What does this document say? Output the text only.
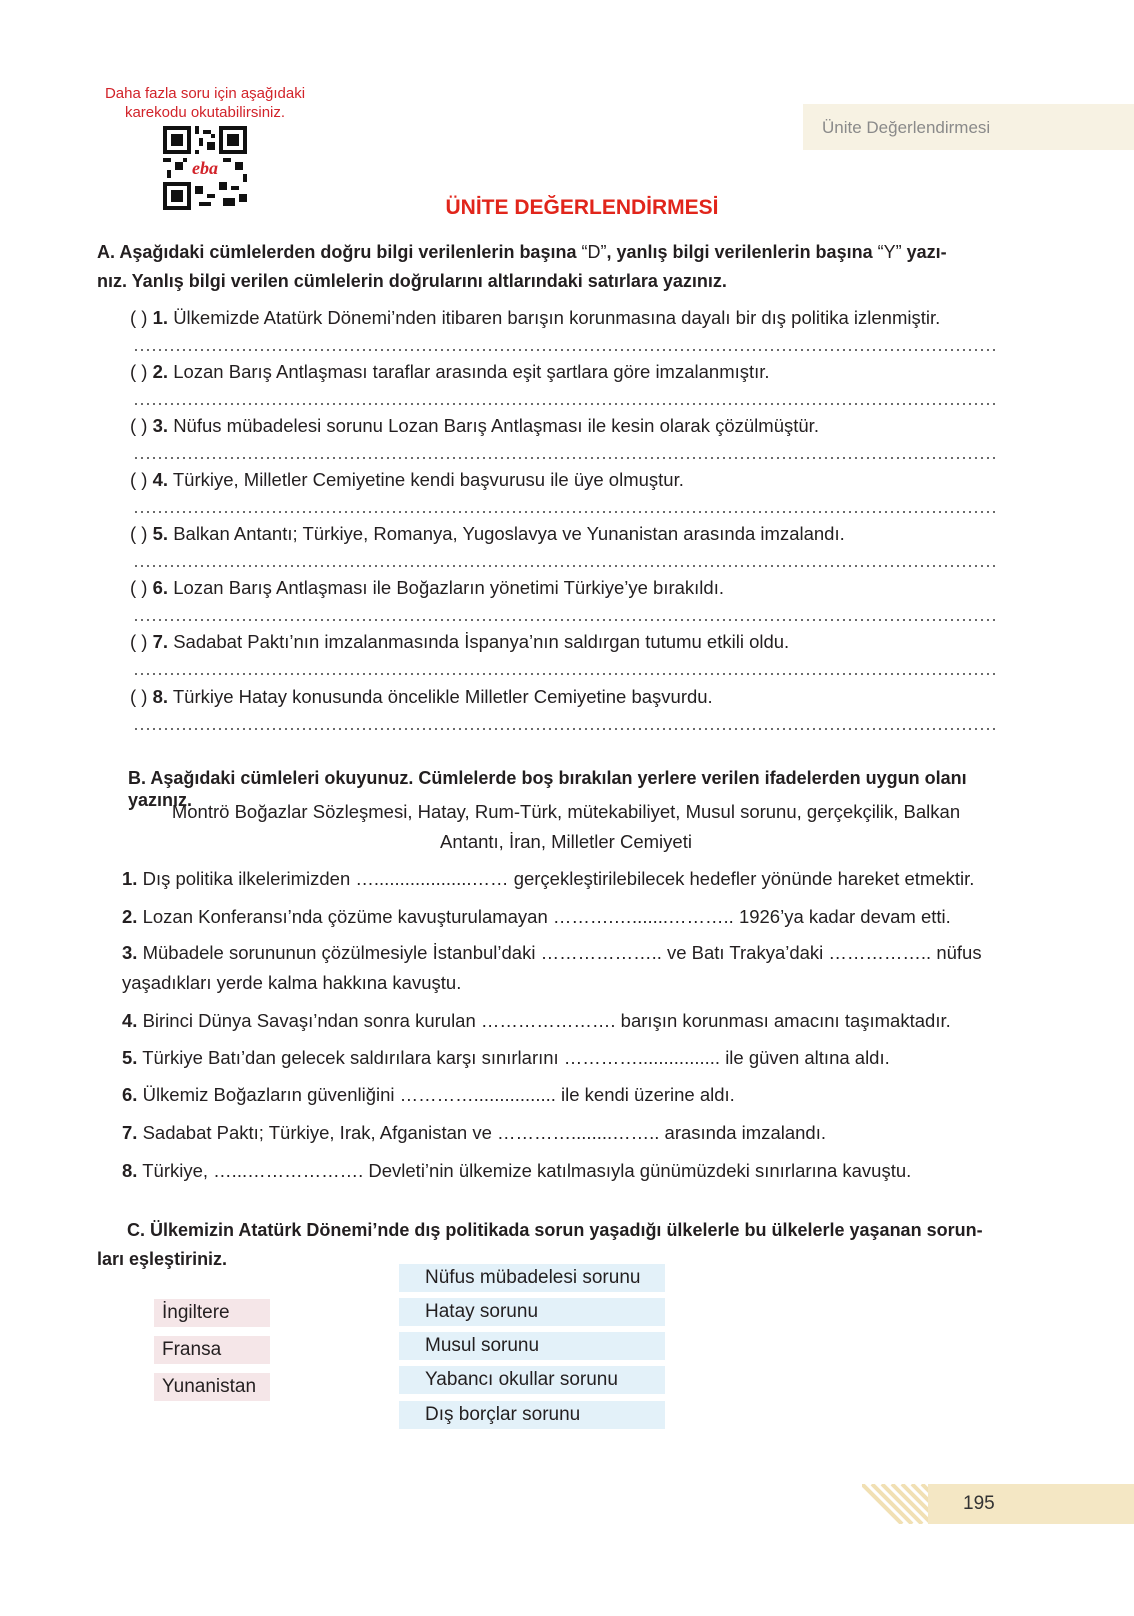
Daha fazla soru için aşağıdaki
karekodu okutabilirsiniz.
eba
Ünite Değerlendirmesi
ÜNİTE DEĞERLENDİRMESİ
A. Aşağıdaki cümlelerden doğru bilgi verilenlerin başına “D”, yanlış bilgi verilenlerin başına “Y” yazı-
nız. Yanlış bilgi verilen cümlelerin doğrularını altlarındaki satırlara yazınız.
( ) 1. Ülkemizde Atatürk Dönemi’nden itibaren barışın korunmasına dayalı bir dış politika izlenmiştir.
( ) 2. Lozan Barış Antlaşması taraflar arasında eşit şartlara göre imzalanmıştır.
( ) 3. Nüfus mübadelesi sorunu Lozan Barış Antlaşması ile kesin olarak çözülmüştür.
( ) 4. Türkiye, Milletler Cemiyetine kendi başvurusu ile üye olmuştur.
( ) 5. Balkan Antantı; Türkiye, Romanya, Yugoslavya ve Yunanistan arasında imzalandı.
( ) 6. Lozan Barış Antlaşması ile Boğazların yönetimi Türkiye’ye bırakıldı.
( ) 7. Sadabat Paktı’nın imzalanmasında İspanya’nın saldırgan tutumu etkili oldu.
( ) 8. Türkiye Hatay konusunda öncelikle Milletler Cemiyetine başvurdu.
B. Aşağıdaki cümleleri okuyunuz. Cümlelerde boş bırakılan yerlere verilen ifadelerden uygun olanı yazınız.
Montrö Boğazlar Sözleşmesi, Hatay, Rum-Türk, mütekabiliyet, Musul sorunu, gerçekçilik, Balkan
Antantı, İran, Milletler Cemiyeti
1. Dış politika ilkelerimizden …...................…… gerçekleştirilebilecek hedefler yönünde hareket etmektir.
2. Lozan Konferansı’nda çözüme kavuşturulamayan ……….….......……….. 1926’ya kadar devam etti.
3. Mübadele sorununun çözülmesiyle İstanbul’daki ……………….. ve Batı Trakya’daki …………….. nüfus yaşadıkları yerde kalma hakkına kavuştu.
4. Birinci Dünya Savaşı’ndan sonra kurulan …………………. barışın korunması amacını taşımaktadır.
5. Türkiye Batı’dan gelecek saldırılara karşı sınırlarını …………................ ile güven altına aldı.
6. Ülkemiz Boğazların güvenliğini …………................ ile kendi üzerine aldı.
7. Sadabat Paktı; Türkiye, Irak, Afganistan ve …………........…….. arasında imzalandı.
8. Türkiye, …...………………. Devleti’nin ülkemize katılmasıyla günümüzdeki sınırlarına kavuştu.
C. Ülkemizin Atatürk Dönemi’nde dış politikada sorun yaşadığı ülkelerle bu ülkelerle yaşanan sorun-
ları eşleştiriniz.
İngiltere
Fransa
Yunanistan
Nüfus mübadelesi sorunu
Hatay sorunu
Musul sorunu
Yabancı okullar sorunu
Dış borçlar sorunu
195
